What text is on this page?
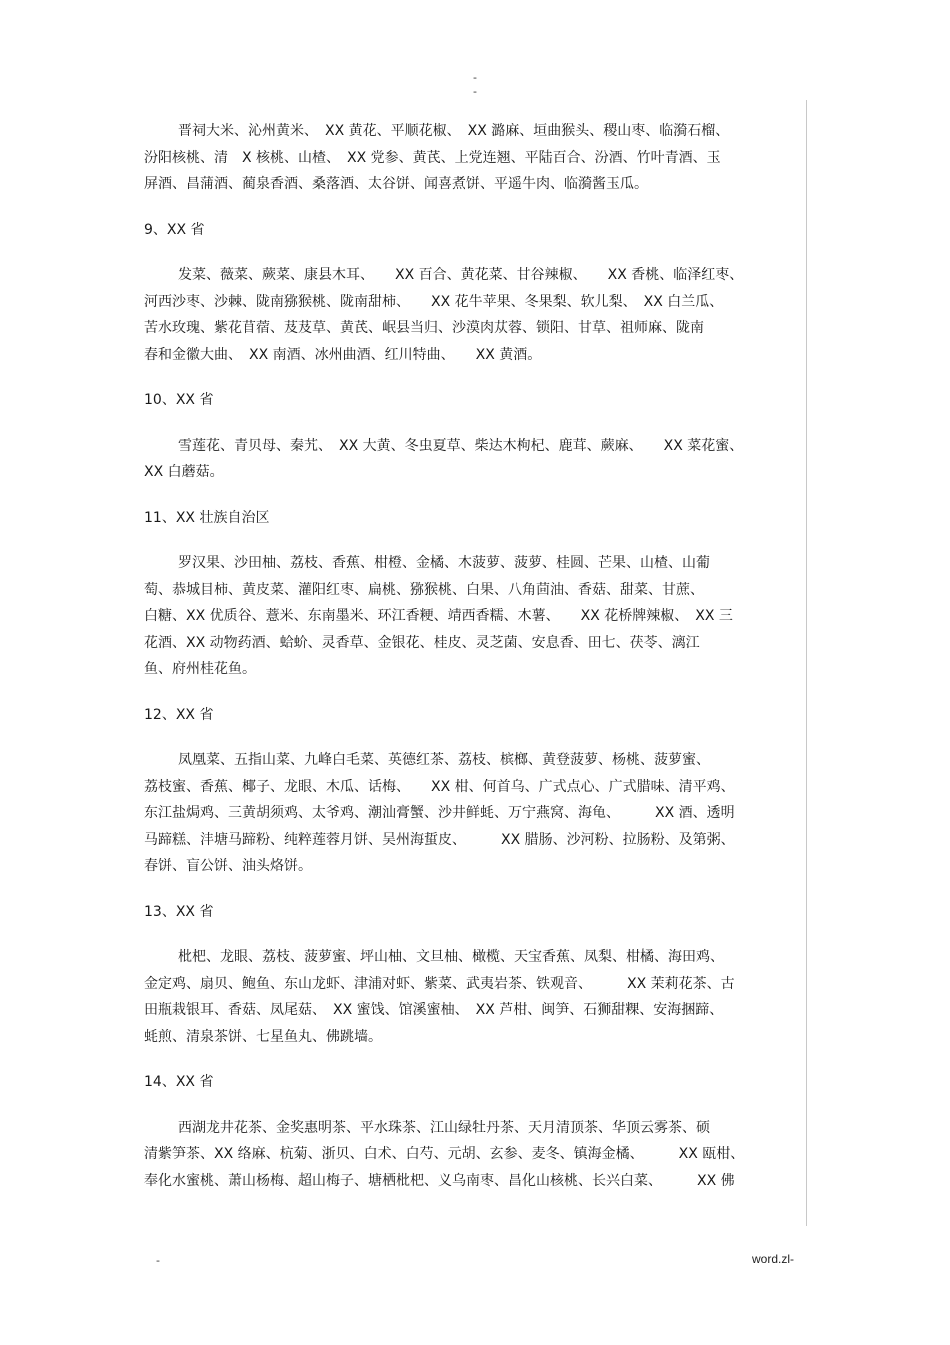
-
-
晋祠大米、沁州黄米、　XX 黄花、平顺花椒、　XX 潞麻、垣曲猴头、稷山枣、临漪石榴、
汾阳核桃、清　X 核桃、山楂、　XX 党参、黄芪、上党连翘、平陆百合、汾酒、竹叶青酒、玉
屏酒、昌蒲酒、蔺泉香酒、桑落酒、太谷饼、闻喜煮饼、平遥牛肉、临漪酱玉瓜。
9、XX 省
发菜、薇菜、蕨菜、康县木耳、　　XX 百合、黄花菜、甘谷辣椒、　　XX 香桃、临泽红枣、
河西沙枣、沙棘、陇南猕猴桃、陇南甜柿、　　XX 花牛苹果、冬果梨、软儿梨、　XX 白兰瓜、
苦水玫瑰、紫花苜蓿、芨芨草、黄芪、岷县当归、沙漠肉苁蓉、锁阳、甘草、祖师麻、陇南
春和金徽大曲、　XX 南酒、冰州曲酒、红川特曲、　　XX 黄酒。
10、XX 省
雪莲花、青贝母、秦艽、　XX 大黄、冬虫夏草、柴达木枸杞、鹿茸、蕨麻、　　XX 菜花蜜、
XX 白蘑菇。
11、XX 壮族自治区
罗汉果、沙田柚、荔枝、香蕉、柑橙、金橘、木菠萝、菠萝、桂圆、芒果、山楂、山葡
萄、恭城目柿、黄皮菜、灌阳红枣、扁桃、猕猴桃、白果、八角茴油、香菇、甜菜、甘蔗、
白糖、XX 优质谷、薏米、东南墨米、环江香粳、靖西香糯、木薯、　　XX 花桥牌辣椒、　XX 三
花酒、XX 动物药酒、蛤蚧、灵香草、金银花、桂皮、灵芝菌、安息香、田七、茯苓、漓江
鱼、府州桂花鱼。
12、XX 省
凤凰菜、五指山菜、九峰白毛菜、英德红茶、荔枝、槟榔、黄登菠萝、杨桃、菠萝蜜、
荔枝蜜、香蕉、椰子、龙眼、木瓜、话梅、　　XX 柑、何首乌、广式点心、广式腊味、清平鸡、
东江盐焗鸡、三黄胡须鸡、太爷鸡、潮汕膏蟹、沙井鲜蚝、万宁燕窝、海龟、　　　XX 酒、透明
马蹄糕、沣塘马蹄粉、纯粹莲蓉月饼、吴州海蜇皮、　　　XX 腊肠、沙河粉、拉肠粉、及第粥、
春饼、盲公饼、油头烙饼。
13、XX 省
枇杷、龙眼、荔枝、菠萝蜜、坪山柚、文旦柚、橄榄、天宝香蕉、凤梨、柑橘、海田鸡、
金定鸡、扇贝、鲍鱼、东山龙虾、津浦对虾、紫菜、武夷岩茶、铁观音、　　　XX 茉莉花茶、古
田瓶栽银耳、香菇、凤尾菇、　XX 蜜饯、馆溪蜜柚、　XX 芦柑、闽笋、石狮甜粿、安海捆蹄、
蚝煎、清泉茶饼、七星鱼丸、佛跳墙。
14、XX 省
西湖龙井花茶、金奖惠明茶、平水珠茶、江山绿牡丹茶、天月清顶茶、华顶云雾茶、硕
清紫笋茶、XX 络麻、杭菊、浙贝、白术、白芍、元胡、玄参、麦冬、镇海金橘、　　　XX 瓯柑、
奉化水蜜桃、萧山杨梅、超山梅子、塘栖枇杷、义乌南枣、昌化山核桃、长兴白菜、　　　XX 佛
-	word.zl-
